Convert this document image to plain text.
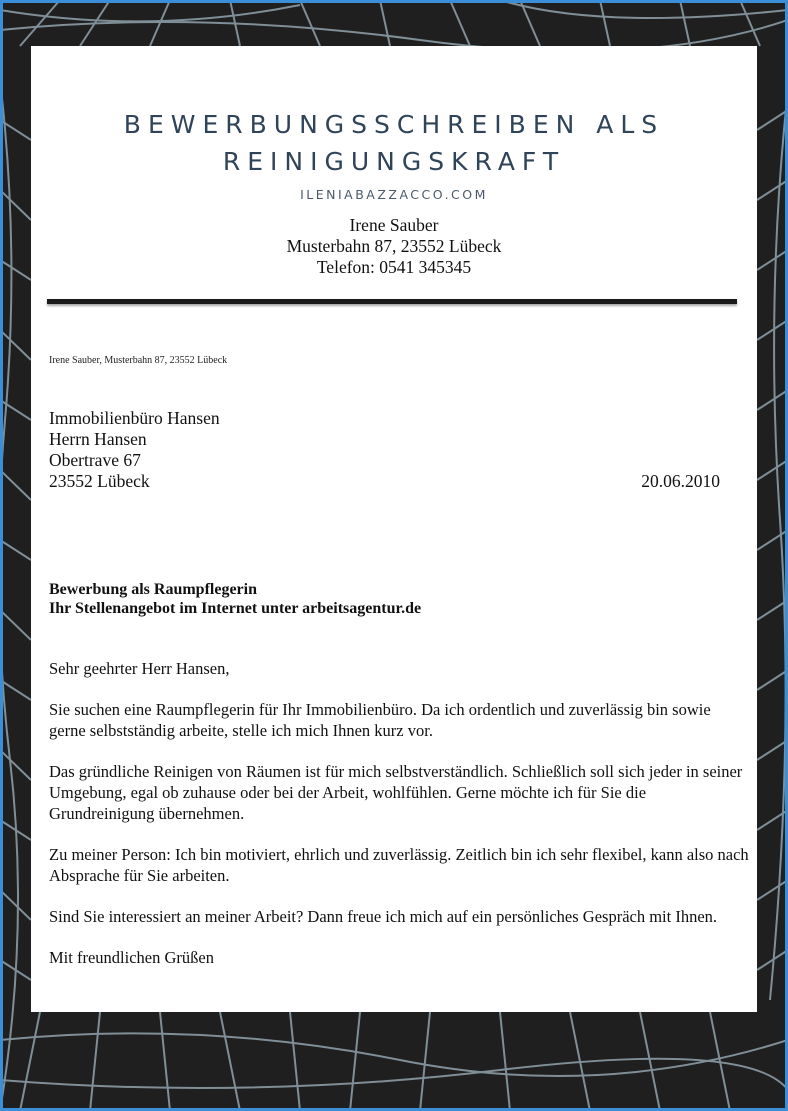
BEWERBUNGSSCHREIBEN ALS
REINIGUNGSKRAFT
ILENIABAZZACCO.COM
Irene Sauber
Musterbahn 87, 23552 Lübeck
Telefon: 0541 345345
Irene Sauber, Musterbahn 87, 23552 Lübeck
Immobilienbüro Hansen
Herrn Hansen
Obertrave 67
23552 Lübeck	20.06.2010
Bewerbung als Raumpflegerin
Ihr Stellenangebot im Internet unter arbeitsagentur.de

Sehr geehrter Herr Hansen,

Sie suchen eine Raumpflegerin für Ihr Immobilienbüro. Da ich ordentlich und zuverlässig bin sowie gerne selbstständig arbeite, stelle ich mich Ihnen kurz vor.

Das gründliche Reinigen von Räumen ist für mich selbstverständlich. Schließlich soll sich jeder in seiner Umgebung, egal ob zuhause oder bei der Arbeit, wohlfühlen. Gerne möchte ich für Sie die Grundreinigung übernehmen.

Zu meiner Person: Ich bin motiviert, ehrlich und zuverlässig. Zeitlich bin ich sehr flexibel, kann also nach Absprache für Sie arbeiten.

Sind Sie interessiert an meiner Arbeit? Dann freue ich mich auf ein persönliches Gespräch mit Ihnen.

Mit freundlichen Grüßen
